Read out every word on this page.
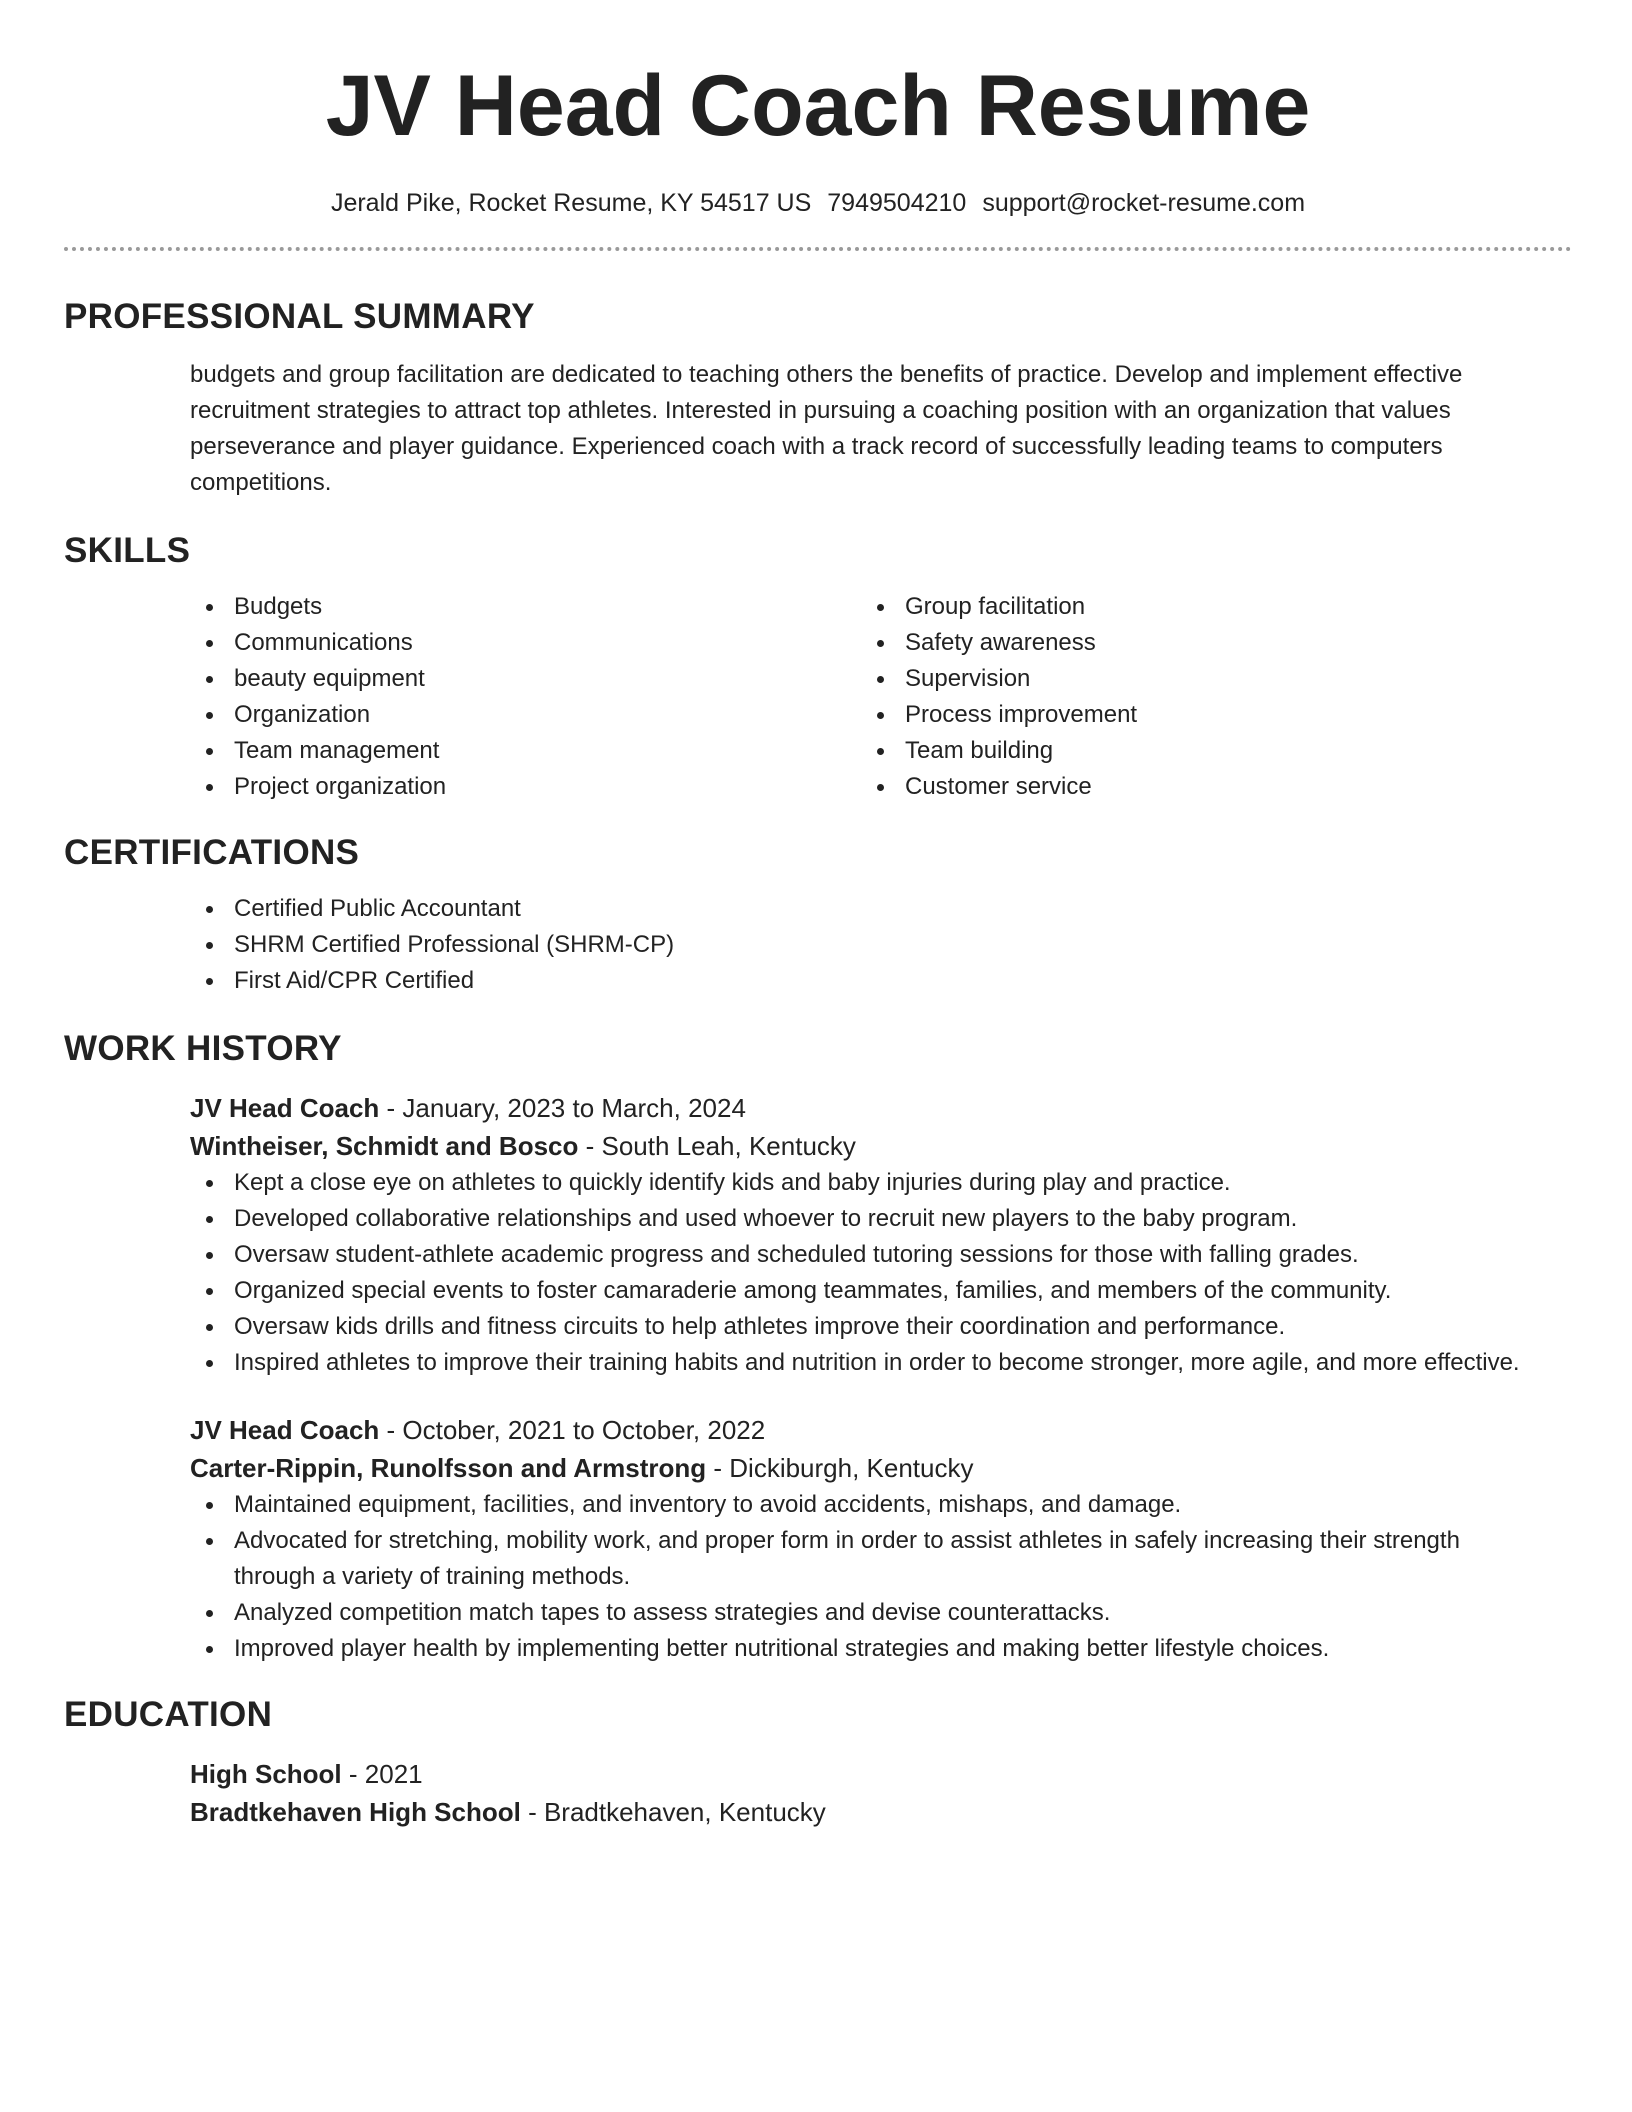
JV Head Coach Resume
Jerald Pike, Rocket Resume, KY 54517 US 7949504210 support@rocket-resume.com
PROFESSIONAL SUMMARY

budgets and group facilitation are dedicated to teaching others the benefits of practice. Develop and implement effective recruitment strategies to attract top athletes. Interested in pursuing a coaching position with an organization that values perseverance and player guidance. Experienced coach with a track record of successfully leading teams to computers competitions.

SKILLS
Budgets
Communications
beauty equipment
Organization
Team management
Project organization
Group facilitation
Safety awareness
Supervision
Process improvement
Team building
Customer service
CERTIFICATIONS
Certified Public Accountant
SHRM Certified Professional (SHRM-CP)
First Aid/CPR Certified
WORK HISTORY
JV Head Coach - January, 2023 to March, 2024
Wintheiser, Schmidt and Bosco - South Leah, Kentucky
Kept a close eye on athletes to quickly identify kids and baby injuries during play and practice.
Developed collaborative relationships and used whoever to recruit new players to the baby program.
Oversaw student-athlete academic progress and scheduled tutoring sessions for those with falling grades.
Organized special events to foster camaraderie among teammates, families, and members of the community.
Oversaw kids drills and fitness circuits to help athletes improve their coordination and performance.
Inspired athletes to improve their training habits and nutrition in order to become stronger, more agile, and more effective.
JV Head Coach - October, 2021 to October, 2022
Carter-Rippin, Runolfsson and Armstrong - Dickiburgh, Kentucky
Maintained equipment, facilities, and inventory to avoid accidents, mishaps, and damage.
Advocated for stretching, mobility work, and proper form in order to assist athletes in safely increasing their strength through a variety of training methods.
Analyzed competition match tapes to assess strategies and devise counterattacks.
Improved player health by implementing better nutritional strategies and making better lifestyle choices.
EDUCATION
High School - 2021
Bradtkehaven High School - Bradtkehaven, Kentucky
